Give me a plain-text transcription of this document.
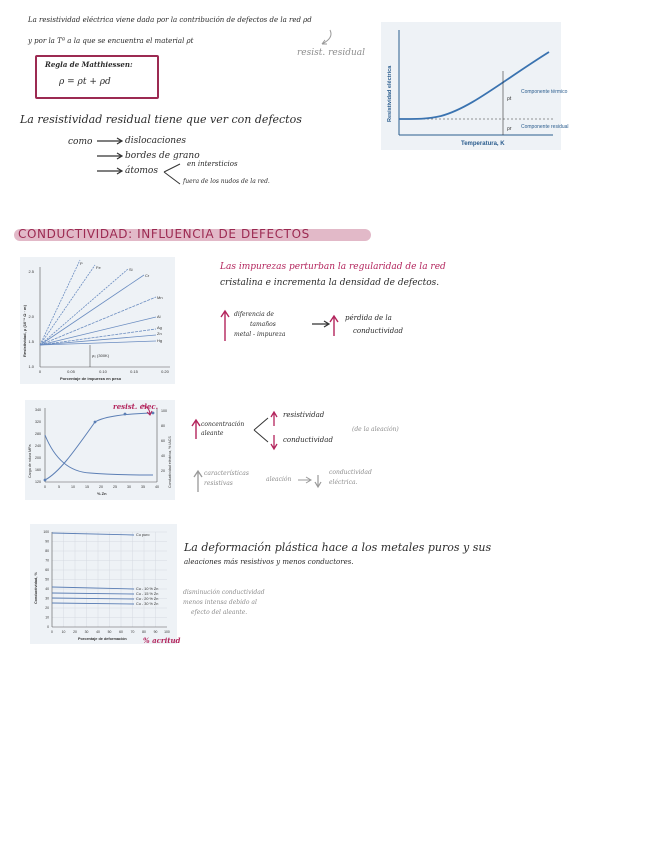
La resistividad eléctrica viene dada por la contribución de defectos de la red ρd
y por la Tª a la que se encuentra el material ρt
resist. residual
Regla de Matthiessen:
ρ = ρt + ρd
La resistividad residual tiene que ver con defectos
como	dislocaciones
bordes de grano
átomos
en intersticios
fuera de los nudos de la red.
ρt
ρr
Componente térmico
Componente residual
Temperatura, K
Resistividad eléctrica
CONDUCTIVIDAD: INFLUENCIA DE DEFECTOS
1.0
1.5
2.0
2.5
0	0.05	0.10	0.15	0.20
ρ₀ (300K)
P
Fe	Si
Cr
Mn
Al
Ag
Zn
Hg
Porcentaje de impureza en peso
Resistividad, ρ (10⁻⁸ Ω · m)
Las impurezas perturban la regularidad de la red
cristalina e incrementa la densidad de defectos.
diferencia de
tamaños
metal - impureza
pérdida de la
conductividad
120
160
200
240
280
320
340
20
40
60
80
100
0	5	10	15	20	25	30	35	40
% Zn
Carga de rotura MPa	Conductividad eléctrica, % IACS
resist. elec.
concentración
aleante
resistividad
conductividad
(de la aleación)
características
resistivas
aleación
conductividad
eléctrica.
Cu puro
Cu - 10 % Zn
Cu - 15 % Zn
Cu - 20 % Zn
Cu - 30 % Zn
0
10
20
30
40
50
60
70
80
90
100
0	10 20 30 40 50 60 70 80 90 100
Porcentaje de deformación
Conductividad, %
% acritud
La deformación plástica hace a los metales puros y sus
aleaciones más resistivos y menos conductores.
disminución conductividad
menos intensa debido al
efecto del aleante.
